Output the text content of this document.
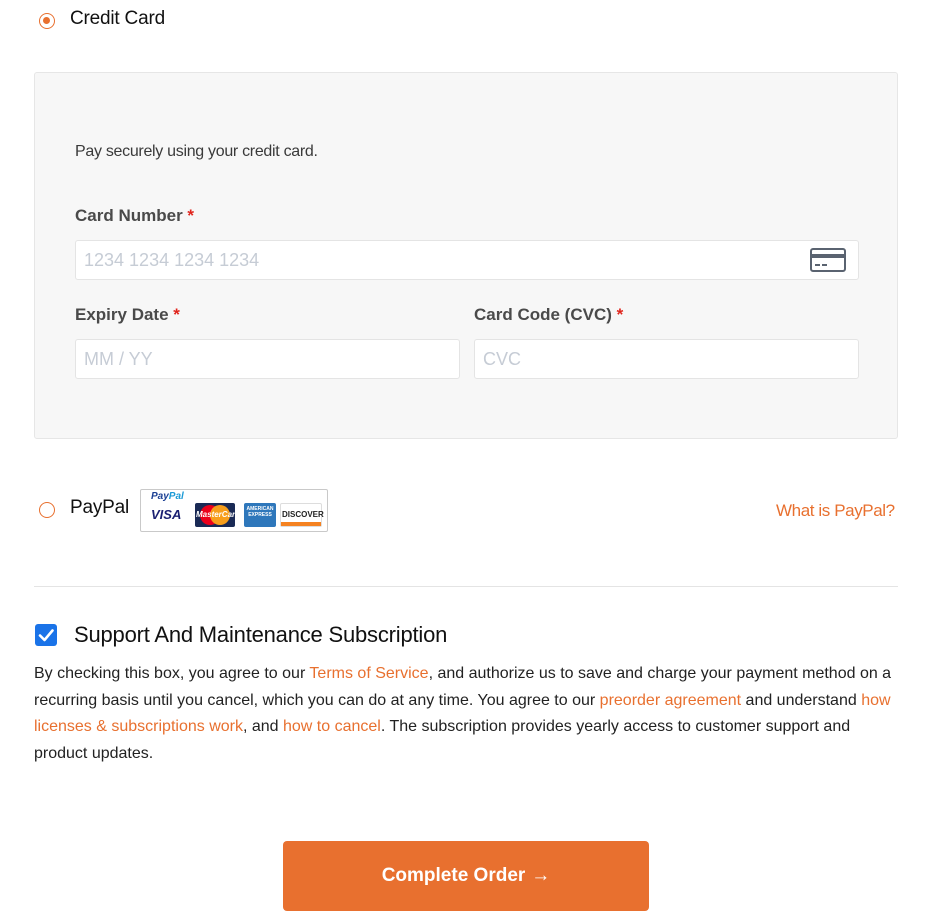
Credit Card
Pay securely using your credit card.
Card Number *
1234 1234 1234 1234
Expiry Date *
MM / YY
Card Code (CVC) *
CVC
PayPal
PayPal
VISA MasterCard
AMERICAN EXPRESS DISCOVER	What is PayPal?
Support And Maintenance Subscription
By checking this box, you agree to our Terms of Service, and authorize us to save and charge your payment method on a recurring basis until you cancel, which you can do at any time. You agree to our preorder agreement and understand how licenses & subscriptions work, and how to cancel. The subscription provides yearly access to customer support and product updates.
Complete Order →
